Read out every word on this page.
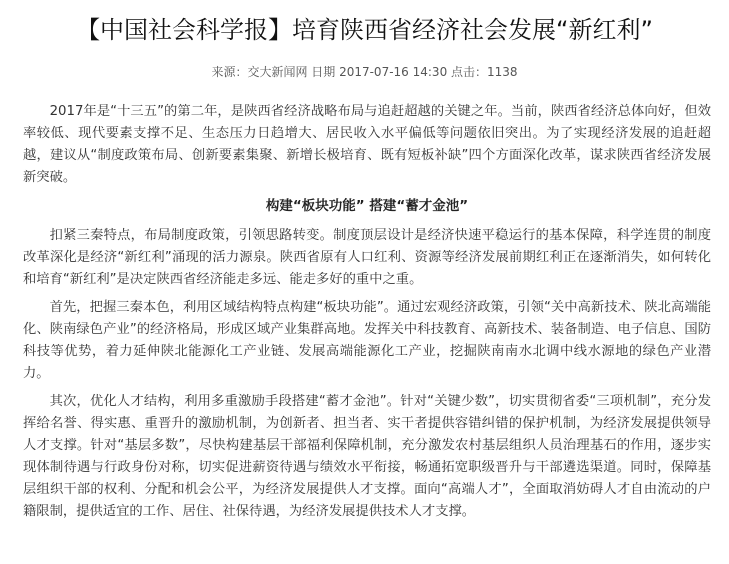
【中国社会科学报】培育陕西省经济社会发展“新红利”
来源：交大新闻网 日期 2017-07-16 14:30 点击：1138

2017年是“十三五”的第二年，是陕西省经济战略布局与追赶超越的关键之年。当前，陕西省经济总体向好，但效率较低、现代要素支撑不足、生态压力日趋增大、居民收入水平偏低等问题依旧突出。为了实现经济发展的追赶超越，建议从“制度政策布局、创新要素集聚、新增长极培育、既有短板补缺”四个方面深化改革，谋求陕西省经济发展新突破。

构建“板块功能” 搭建“蓄才金池”

扣紧三秦特点，布局制度政策，引领思路转变。制度顶层设计是经济快速平稳运行的基本保障，科学连贯的制度改革深化是经济“新红利”涌现的活力源泉。陕西省原有人口红利、资源等经济发展前期红利正在逐渐消失，如何转化和培育“新红利”是决定陕西省经济能走多远、能走多好的重中之重。

首先，把握三秦本色，利用区域结构特点构建“板块功能”。通过宏观经济政策，引领“关中高新技术、陕北高端能化、陕南绿色产业”的经济格局，形成区域产业集群高地。发挥关中科技教育、高新技术、装备制造、电子信息、国防科技等优势，着力延伸陕北能源化工产业链、发展高端能源化工产业，挖掘陕南南水北调中线水源地的绿色产业潜力。

其次，优化人才结构，利用多重激励手段搭建“蓄才金池”。针对“关键少数”，切实贯彻省委“三项机制”，充分发挥给名誉、得实惠、重晋升的激励机制，为创新者、担当者、实干者提供容错纠错的保护机制，为经济发展提供领导人才支撑。针对“基层多数”，尽快构建基层干部福利保障机制，充分激发农村基层组织人员治理基石的作用，逐步实现体制待遇与行政身份对称，切实促进薪资待遇与绩效水平衔接，畅通拓宽职级晋升与干部遴选渠道。同时，保障基层组织干部的权利、分配和机会公平，为经济发展提供人才支撑。面向“高端人才”，全面取消妨碍人才自由流动的户籍限制，提供适宜的工作、居住、社保待遇，为经济发展提供技术人才支撑。
